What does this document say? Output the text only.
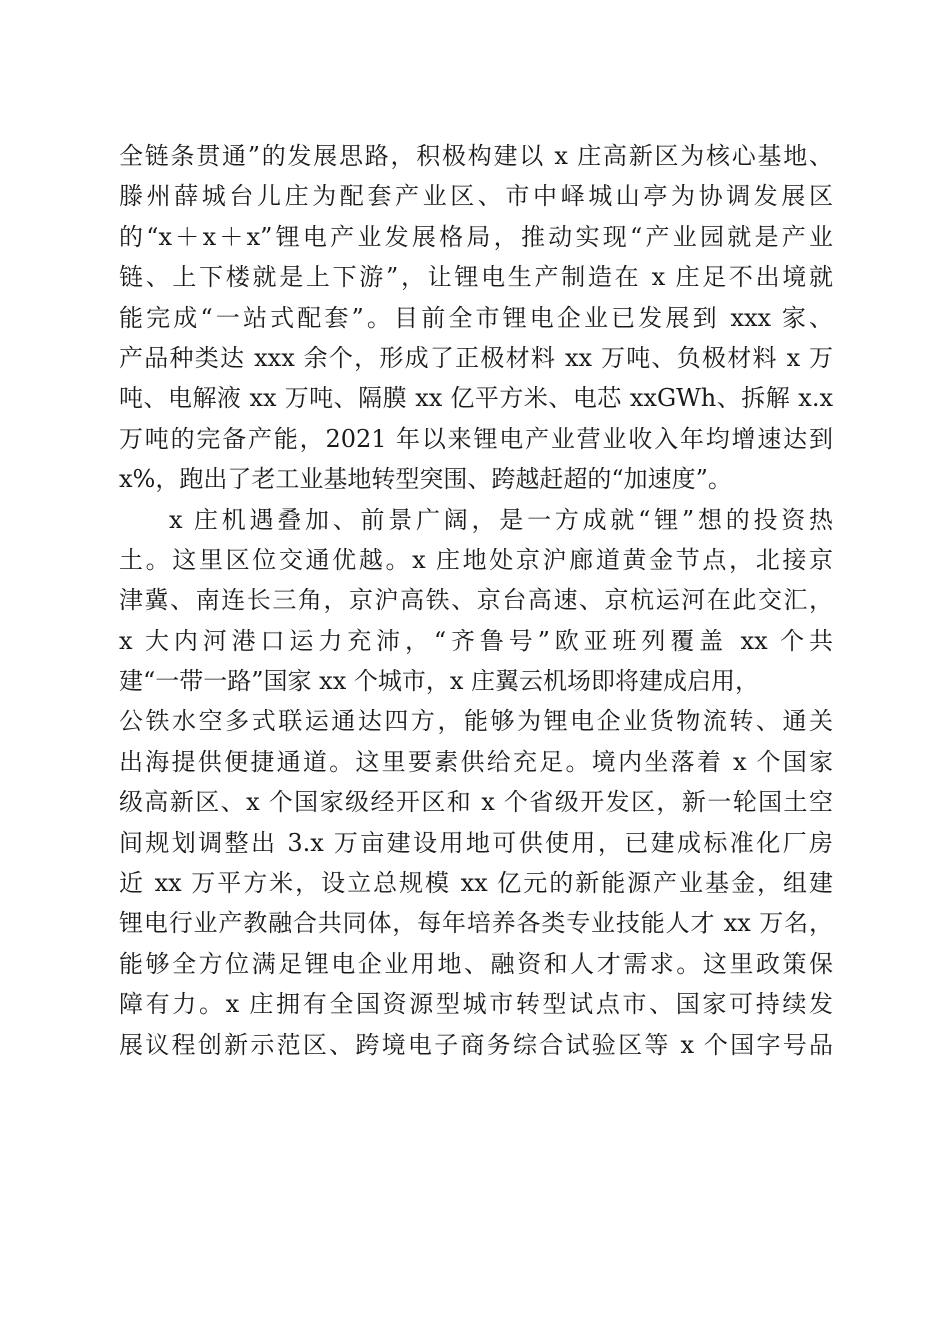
全链条贯通”的发展思路，积极构建以 x 庄高新区为核心基地、
滕州薛城台儿庄为配套产业区、市中峄城山亭为协调发展区
的“x＋x＋x”锂电产业发展格局，推动实现“产业园就是产业
链、上下楼就是上下游”，让锂电生产制造在 x 庄足不出境就
能完成“一站式配套”。目前全市锂电企业已发展到 xxx 家、
产品种类达 xxx 余个，形成了正极材料 xx 万吨、负极材料 x 万
吨、电解液 xx 万吨、隔膜 xx 亿平方米、电芯 xxGWh、拆解 x.x
万吨的完备产能，2021 年以来锂电产业营业收入年均增速达到
x%，跑出了老工业基地转型突围、跨越赶超的“加速度”。
x 庄机遇叠加、前景广阔，是一方成就“锂”想的投资热
土。这里区位交通优越。x 庄地处京沪廊道黄金节点，北接京
津冀、南连长三角，京沪高铁、京台高速、京杭运河在此交汇，
x 大内河港口运力充沛，“齐鲁号”欧亚班列覆盖 xx 个共
建“一带一路”国家 xx 个城市，x 庄翼云机场即将建成启用，
公铁水空多式联运通达四方，能够为锂电企业货物流转、通关
出海提供便捷通道。这里要素供给充足。境内坐落着 x 个国家
级高新区、x 个国家级经开区和 x 个省级开发区，新一轮国土空
间规划调整出 3.x 万亩建设用地可供使用，已建成标准化厂房
近 xx 万平方米，设立总规模 xx 亿元的新能源产业基金，组建
锂电行业产教融合共同体，每年培养各类专业技能人才 xx 万名，
能够全方位满足锂电企业用地、融资和人才需求。这里政策保
障有力。x 庄拥有全国资源型城市转型试点市、国家可持续发
展议程创新示范区、跨境电子商务综合试验区等 x 个国字号品
